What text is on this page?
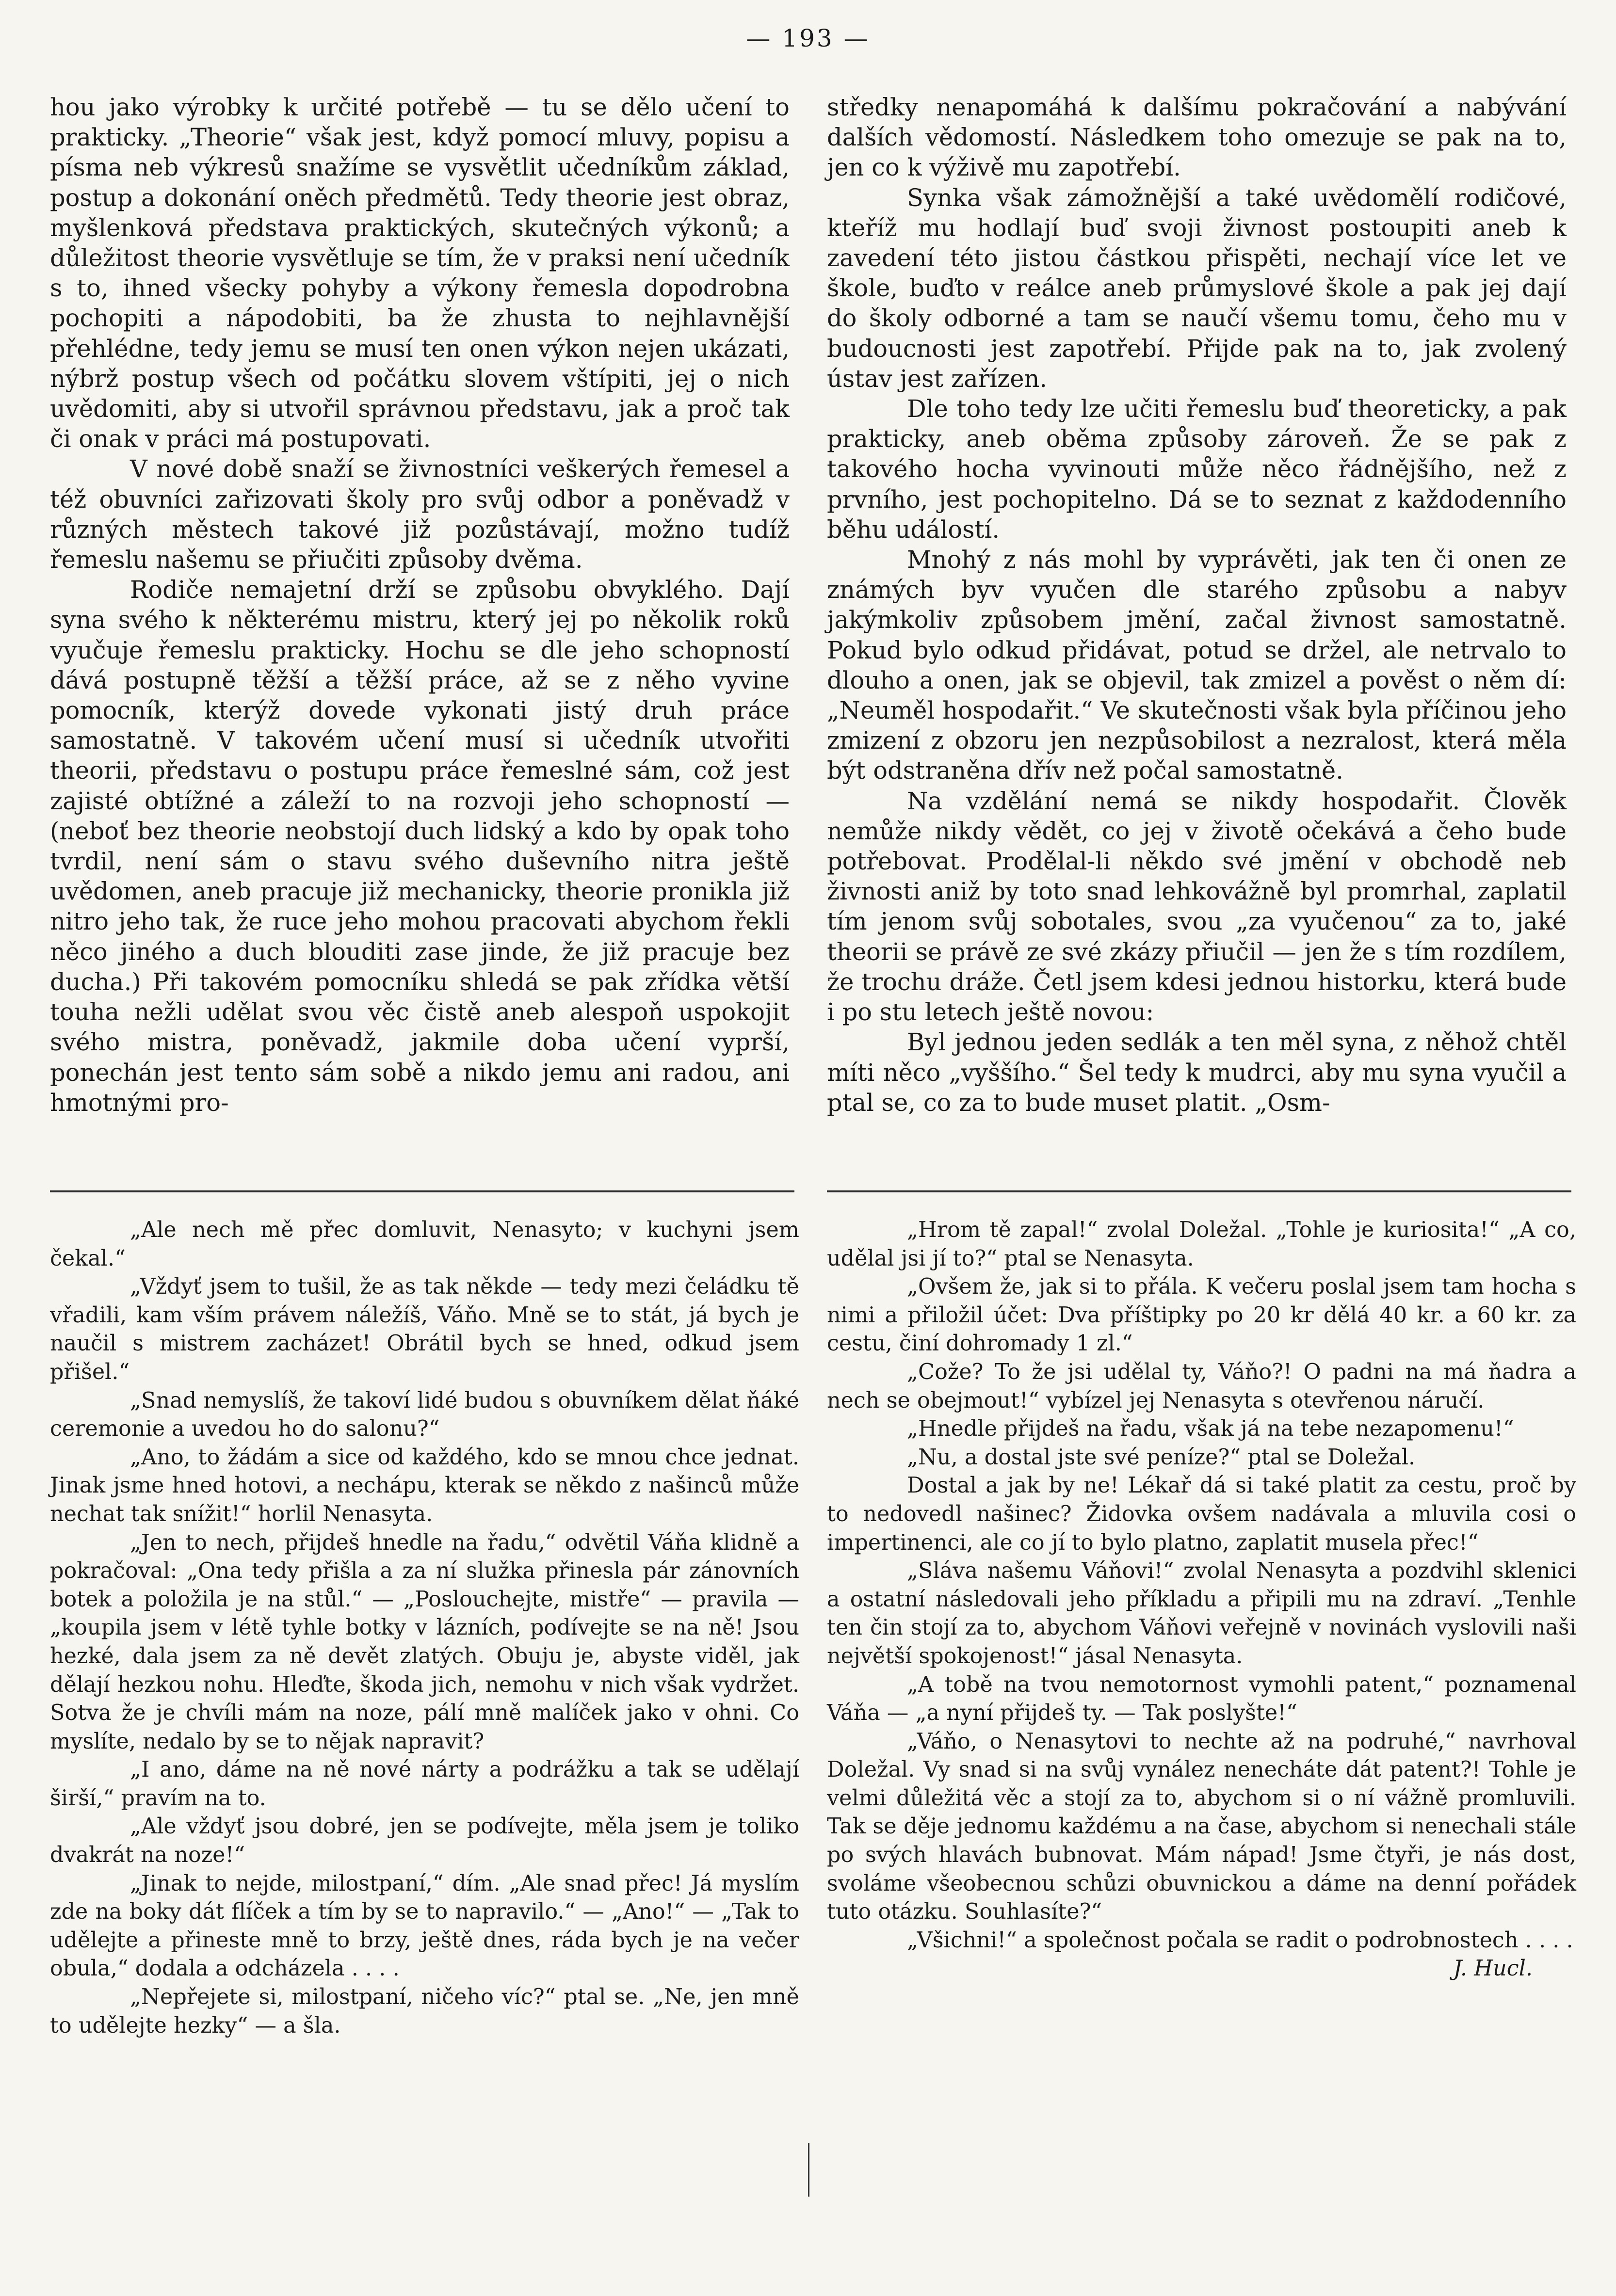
— 193 —

hou jako výrobky k určité potřebě — tu se dělo učení to prakticky. „Theorie“ však jest, když pomocí mluvy, popisu a písma neb výkresů snažíme se vysvětlit učedníkům základ, postup a dokonání oněch předmětů. Tedy theorie jest obraz, myšlenková představa praktických, skutečných výkonů; a důležitost theorie vysvětluje se tím, že v praksi není učedník s to, ihned všecky pohyby a výkony řemesla dopodrobna pochopiti a nápodobiti, ba že zhusta to nejhlavnější přehlédne, tedy jemu se musí ten onen výkon nejen ukázati, nýbrž postup všech od počátku slovem vštípiti, jej o nich uvědomiti, aby si utvořil správnou představu, jak a proč tak či onak v práci má postupovati.

V nové době snaží se živnostníci veškerých řemesel a též obuvníci zařizovati školy pro svůj odbor a poněvadž v různých městech takové již pozůstávají, možno tudíž řemeslu našemu se přiučiti způsoby dvěma.

Rodiče nemajetní drží se způsobu obvyklého. Dají syna svého k některému mistru, který jej po několik roků vyučuje řemeslu prakticky. Hochu se dle jeho schopností dává postupně těžší a těžší práce, až se z něho vyvine pomocník, kterýž dovede vykonati jistý druh práce samostatně. V takovém učení musí si učedník utvořiti theorii, představu o postupu práce řemeslné sám, což jest zajisté obtížné a záleží to na rozvoji jeho schopností — (neboť bez theorie neobstojí duch lidský a kdo by opak toho tvrdil, není sám o stavu svého duševního nitra ještě uvědomen, aneb pracuje již mechanicky, theorie pronikla již nitro jeho tak, že ruce jeho mohou pracovati abychom řekli něco jiného a duch blouditi zase jinde, že již pracuje bez ducha.) Při takovém pomocníku shledá se pak zřídka větší touha nežli udělat svou věc čistě aneb alespoň uspokojit svého mistra, poněvadž, jakmile doba učení vyprší, ponechán jest tento sám sobě a nikdo jemu ani radou, ani hmotnými pro-

středky nenapomáhá k dalšímu pokračování a nabývání dalších vědomostí. Následkem toho omezuje se pak na to, jen co k výživě mu zapotřebí.

Synka však zámožnější a také uvědomělí rodičové, kteříž mu hodlají buď svoji živnost postoupiti aneb k zavedení této jistou částkou přispěti, nechají více let ve škole, buďto v reálce aneb průmyslové škole a pak jej dají do školy odborné a tam se naučí všemu tomu, čeho mu v budoucnosti jest zapotřebí. Přijde pak na to, jak zvolený ústav jest zařízen.

Dle toho tedy lze učiti řemeslu buď theoreticky, a pak prakticky, aneb oběma způsoby zároveň. Že se pak z takového hocha vyvinouti může něco řádnějšího, než z prvního, jest pochopitelno. Dá se to seznat z každodenního běhu událostí.

Mnohý z nás mohl by vyprávěti, jak ten či onen ze známých byv vyučen dle starého způsobu a nabyv jakýmkoliv způsobem jmění, začal živnost samostatně. Pokud bylo odkud přidávat, potud se držel, ale netrvalo to dlouho a onen, jak se objevil, tak zmizel a pověst o něm dí: „Neuměl hospodařit.“ Ve skutečnosti však byla příčinou jeho zmizení z obzoru jen nezpůsobilost a nezralost, která měla být odstraněna dřív než počal samostatně.

Na vzdělání nemá se nikdy hospodařit. Člověk nemůže nikdy vědět, co jej v životě očekává a čeho bude potřebovat. Prodělal-li někdo své jmění v obchodě neb živnosti aniž by toto snad lehkovážně byl promrhal, zaplatil tím jenom svůj sobotales, svou „za vyučenou“ za to, jaké theorii se právě ze své zkázy přiučil — jen že s tím rozdílem, že trochu dráže. Četl jsem kdesi jednou historku, která bude i po stu letech ještě novou:

Byl jednou jeden sedlák a ten měl syna, z něhož chtěl míti něco „vyššího.“ Šel tedy k mudrci, aby mu syna vyučil a ptal se, co za to bude muset platit. „Osm-

„Ale nech mě přec domluvit, Nenasyto; v kuchyni jsem čekal.“

„Vždyť jsem to tušil, že as tak někde — tedy mezi čeládku tě vřadili, kam vším právem náležíš, Váňo. Mně se to stát, já bych je naučil s mistrem zacházet! Obrátil bych se hned, odkud jsem přišel.“

„Snad nemyslíš, že takoví lidé budou s obuvníkem dělat ňáké ceremonie a uvedou ho do salonu?“

„Ano, to žádám a sice od každého, kdo se mnou chce jednat. Jinak jsme hned hotovi, a nechápu, kterak se někdo z našinců může nechat tak snížit!“ horlil Nenasyta.

„Jen to nech, přijdeš hnedle na řadu,“ odvětil Váňa klidně a pokračoval: „Ona tedy přišla a za ní služka přinesla pár zánovních botek a položila je na stůl.“ — „Poslouchejte, mistře“ — pravila — „koupila jsem v létě tyhle botky v lázních, podívejte se na ně! Jsou hezké, dala jsem za ně devět zlatých. Obuju je, abyste viděl, jak dělají hezkou nohu. Hleďte, škoda jich, nemohu v nich však vydržet. Sotva že je chvíli mám na noze, pálí mně malíček jako v ohni. Co myslíte, nedalo by se to nějak napravit?

„I ano, dáme na ně nové nárty a podrážku a tak se udělají širší,“ pravím na to.

„Ale vždyť jsou dobré, jen se podívejte, měla jsem je toliko dvakrát na noze!“

„Jinak to nejde, milostpaní,“ dím. „Ale snad přec! Já myslím zde na boky dát flíček a tím by se to napravilo.“ — „Ano!“ — „Tak to udělejte a přineste mně to brzy, ještě dnes, ráda bych je na večer obula,“ dodala a odcházela . . . .

„Nepřejete si, milostpaní, ničeho víc?“ ptal se. „Ne, jen mně to udělejte hezky“ — a šla.

„Hrom tě zapal!“ zvolal Doležal. „Tohle je kuriosita!“ „A co, udělal jsi jí to?“ ptal se Nenasyta.

„Ovšem že, jak si to přála. K večeru poslal jsem tam hocha s nimi a přiložil účet: Dva příštipky po 20 kr dělá 40 kr. a 60 kr. za cestu, činí dohromady 1 zl.“

„Cože? To že jsi udělal ty, Váňo?! O padni na má ňadra a nech se obejmout!“ vybízel jej Nenasyta s otevřenou náručí.

„Hnedle přijdeš na řadu, však já na tebe nezapomenu!“

„Nu, a dostal jste své peníze?“ ptal se Doležal.

Dostal a jak by ne! Lékař dá si také platit za cestu, proč by to nedovedl našinec? Židovka ovšem nadávala a mluvila cosi o impertinenci, ale co jí to bylo platno, zaplatit musela přec!“

„Sláva našemu Váňovi!“ zvolal Nenasyta a pozdvihl sklenici a ostatní následovali jeho příkladu a připili mu na zdraví. „Tenhle ten čin stojí za to, abychom Váňovi veřejně v novinách vyslovili naši největší spokojenost!“ jásal Nenasyta.

„A tobě na tvou nemotornost vymohli patent,“ poznamenal Váňa — „a nyní přijdeš ty. — Tak poslyšte!“

„Váňo, o Nenasytovi to nechte až na podruhé,“ navrhoval Doležal. Vy snad si na svůj vynález nenecháte dát patent?! Tohle je velmi důležitá věc a stojí za to, abychom si o ní vážně promluvili. Tak se děje jednomu každému a na čase, abychom si nenechali stále po svých hlavách bubnovat. Mám nápad! Jsme čtyři, je nás dost, svoláme všeobecnou schůzi obuvnickou a dáme na denní pořádek tuto otázku. Souhlasíte?“

„Všichni!“ a společnost počala se radit o podrobnostech . . . .
J. Hucl.
